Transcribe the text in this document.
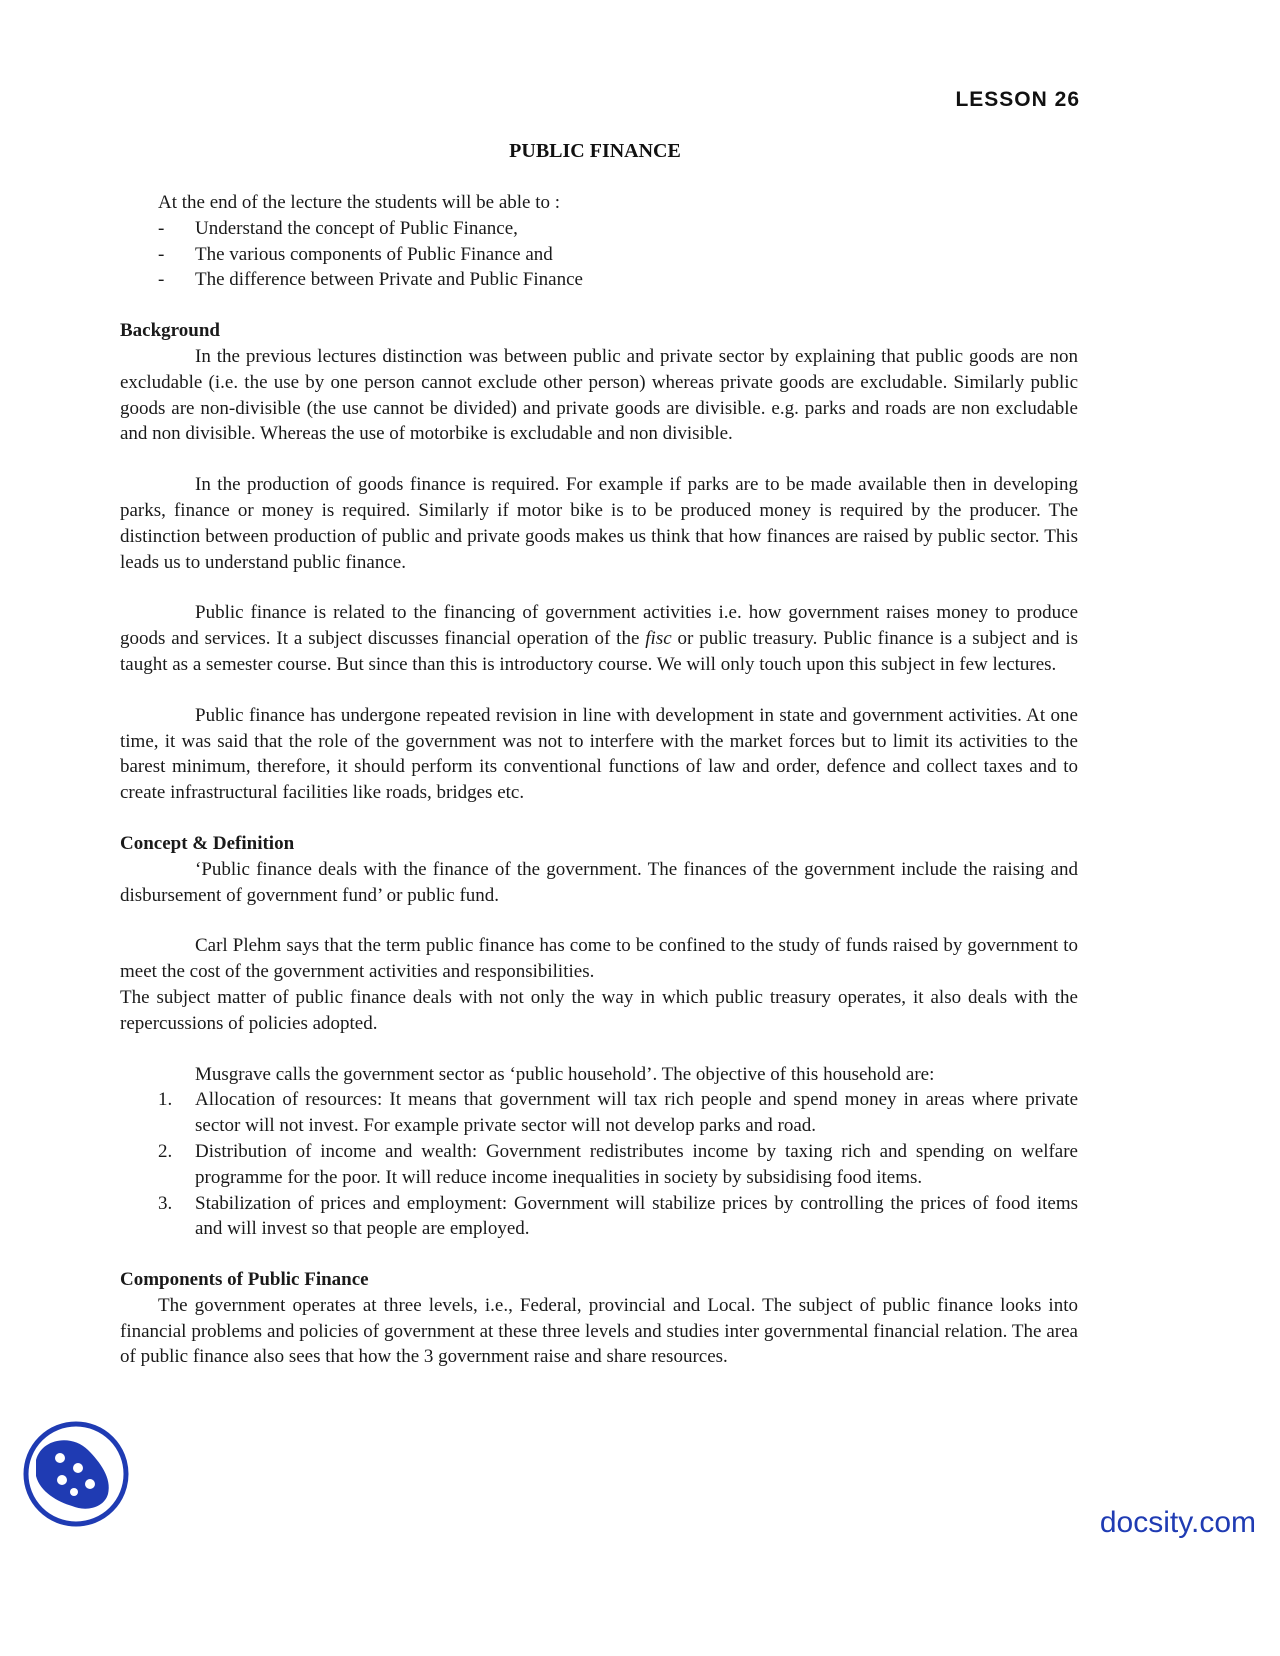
LESSON 26
PUBLIC FINANCE

At the end of the lecture the students will be able to :

- Understand the concept of Public Finance,
- The various components of Public Finance and
- The difference between Private and Public Finance

Background

In the previous lectures distinction was between public and private sector by explaining that public goods are non excludable (i.e. the use by one person cannot exclude other person) whereas private goods are excludable. Similarly public goods are non-divisible (the use cannot be divided) and private goods are divisible. e.g. parks and roads are non excludable and non divisible. Whereas the use of motorbike is excludable and non divisible.

In the production of goods finance is required. For example if parks are to be made available then in developing parks, finance or money is required. Similarly if motor bike is to be produced money is required by the producer. The distinction between production of public and private goods makes us think that how finances are raised by public sector. This leads us to understand public finance.

Public finance is related to the financing of government activities i.e. how government raises money to produce goods and services. It a subject discusses financial operation of the fisc or public treasury. Public finance is a subject and is taught as a semester course. But since than this is introductory course. We will only touch upon this subject in few lectures.

Public finance has undergone repeated revision in line with development in state and government activities. At one time, it was said that the role of the government was not to interfere with the market forces but to limit its activities to the barest minimum, therefore, it should perform its conventional functions of law and order, defence and collect taxes and to create infrastructural facilities like roads, bridges etc.

Concept & Definition

‘Public finance deals with the finance of the government. The finances of the government include the raising and disbursement of government fund’ or public fund.

Carl Plehm says that the term public finance has come to be confined to the study of funds raised by government to meet the cost of the government activities and responsibilities.

The subject matter of public finance deals with not only the way in which public treasury operates, it also deals with the repercussions of policies adopted.

Musgrave calls the government sector as ‘public household’. The objective of this household are:

1. Allocation of resources: It means that government will tax rich people and spend money in areas where private sector will not invest. For example private sector will not develop parks and road.
2. Distribution of income and wealth: Government redistributes income by taxing rich and spending on welfare programme for the poor. It will reduce income inequalities in society by subsidising food items.
3. Stabilization of prices and employment: Government will stabilize prices by controlling the prices of food items and will invest so that people are employed.

Components of Public Finance

The government operates at three levels, i.e., Federal, provincial and Local. The subject of public finance looks into financial problems and policies of government at these three levels and studies inter governmental financial relation. The area of public finance also sees that how the 3 government raise and share resources.

docsity.com
